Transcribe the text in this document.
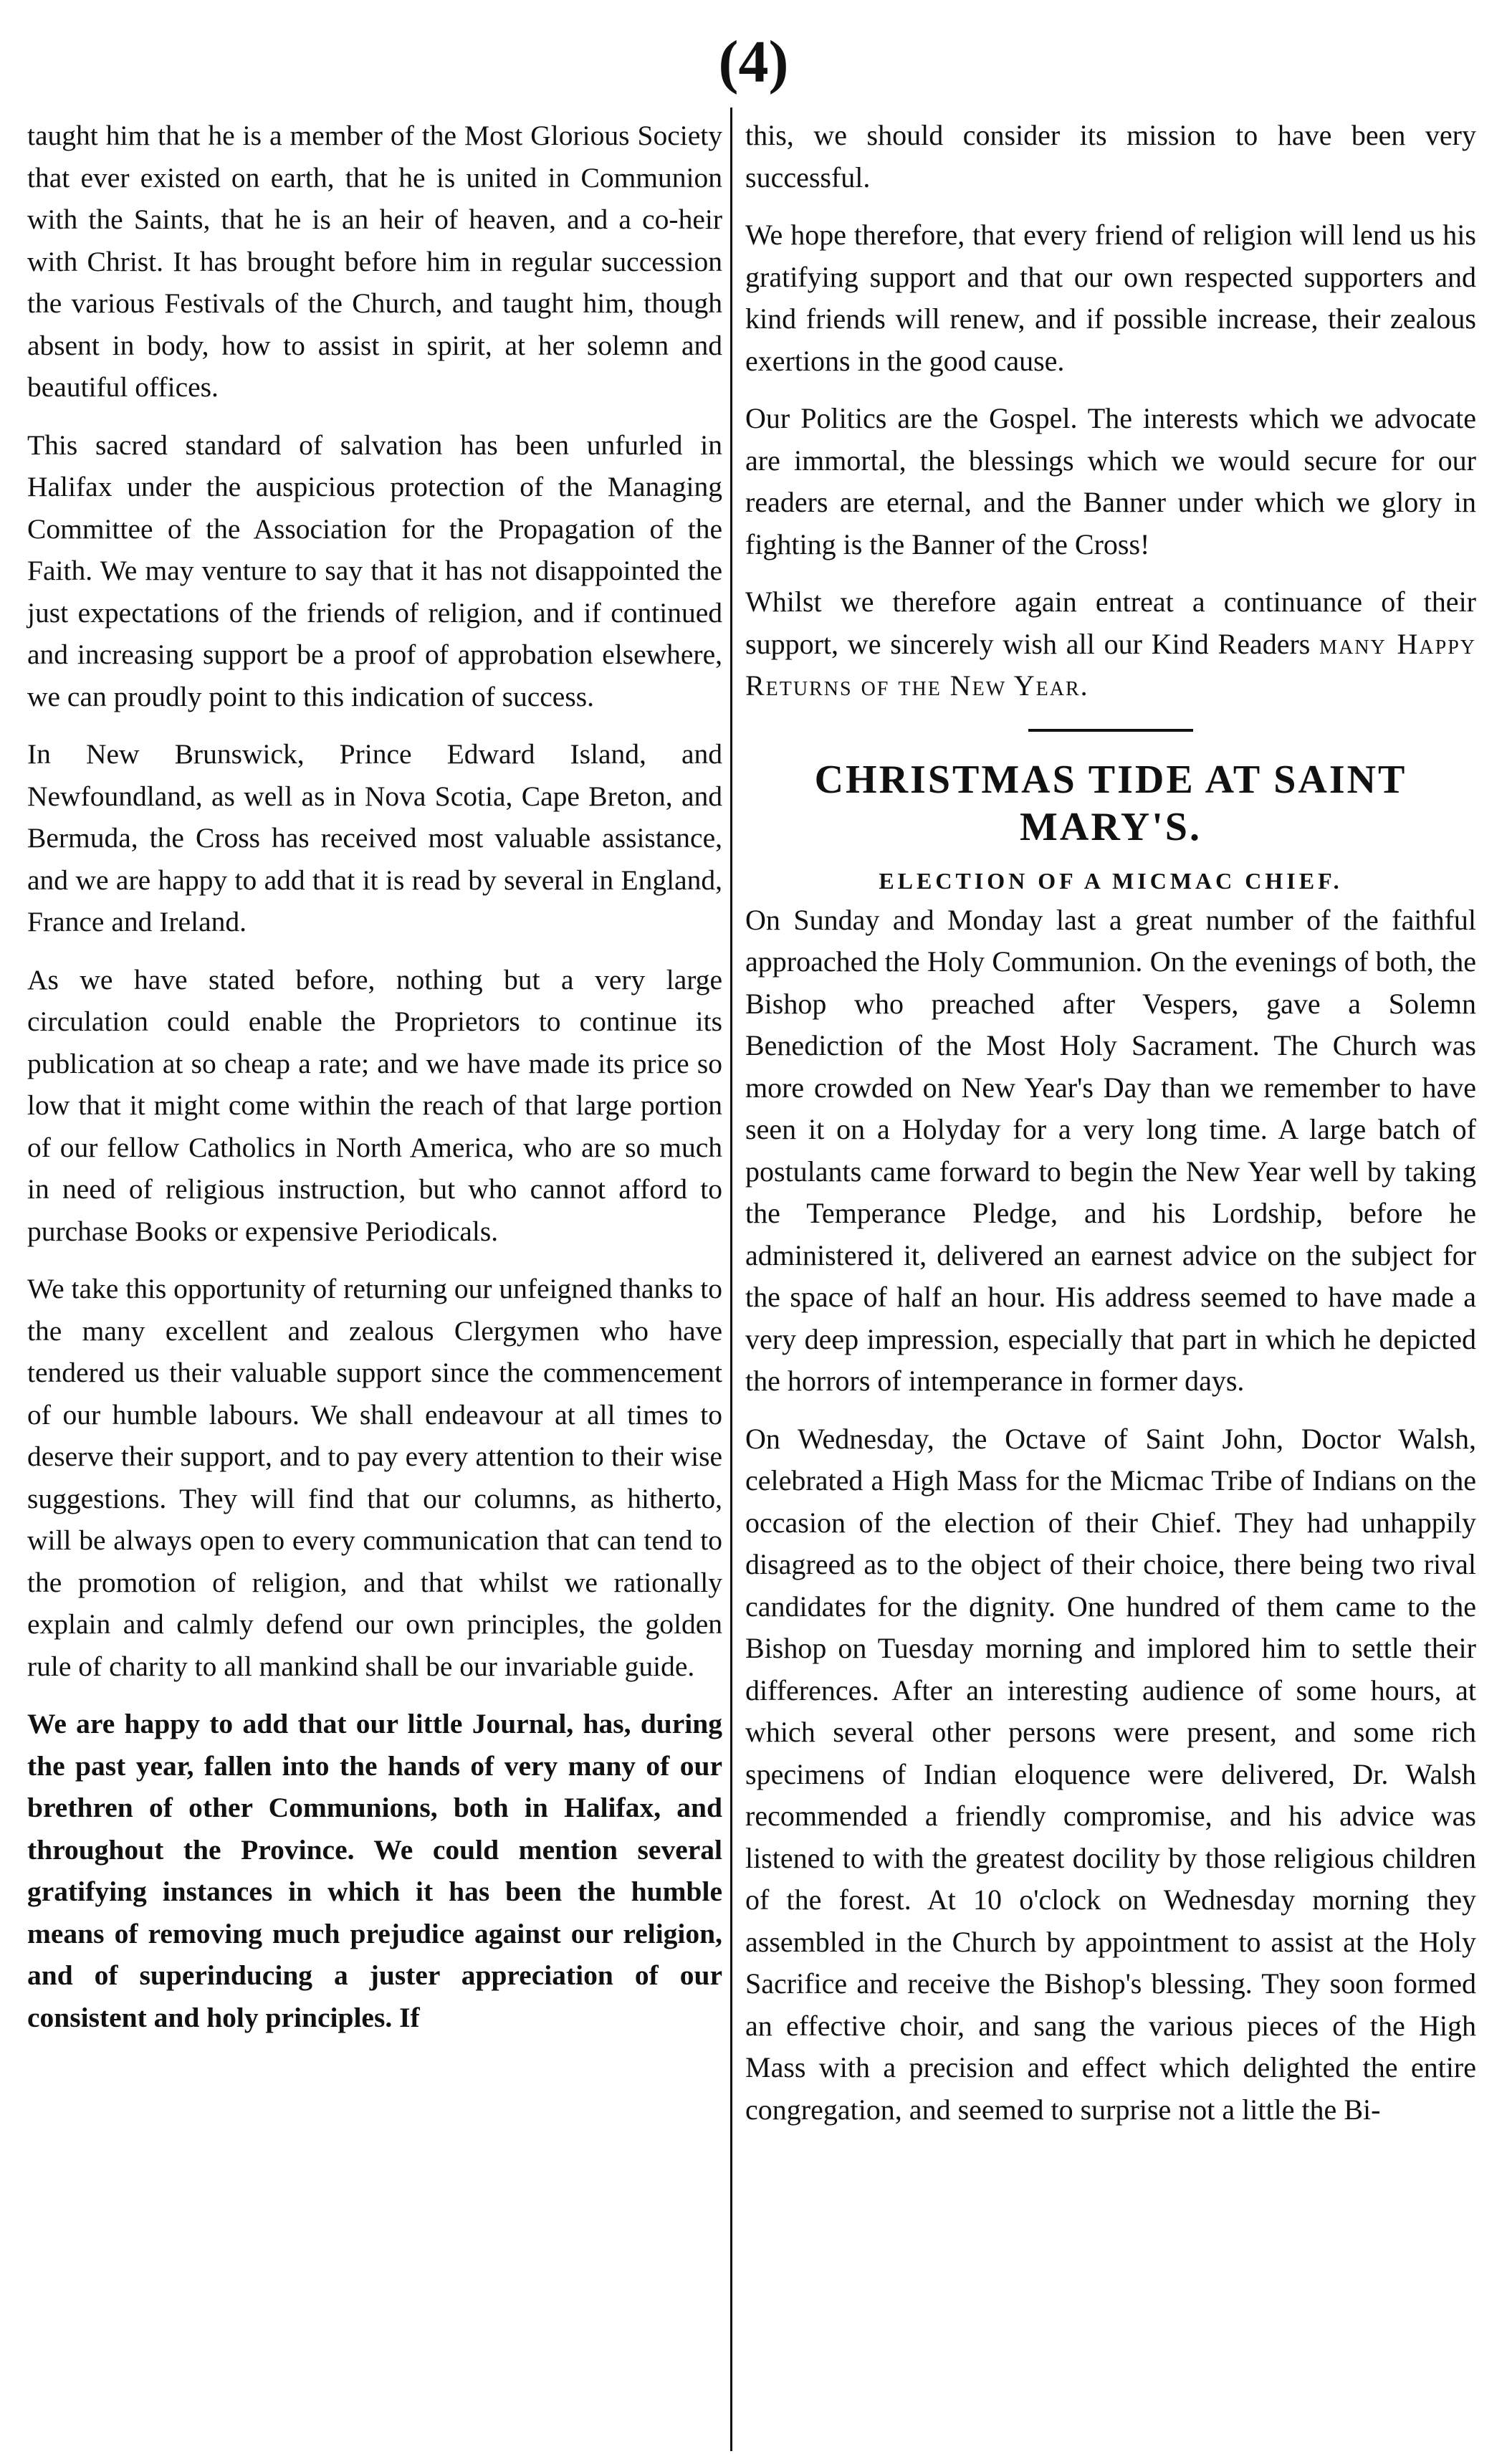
(4)

taught him that he is a member of the Most Glorious Society that ever existed on earth, that he is united in Communion with the Saints, that he is an heir of heaven, and a co-heir with Christ. It has brought before him in regular succession the various Festivals of the Church, and taught him, though absent in body, how to assist in spirit, at her solemn and beautiful offices.

This sacred standard of salvation has been unfurled in Halifax under the auspicious protection of the Managing Committee of the Association for the Propagation of the Faith. We may venture to say that it has not disappointed the just expectations of the friends of religion, and if continued and increasing support be a proof of approbation elsewhere, we can proudly point to this indication of success.

In New Brunswick, Prince Edward Island, and Newfoundland, as well as in Nova Scotia, Cape Breton, and Bermuda, the Cross has received most valuable assistance, and we are happy to add that it is read by several in England, France and Ireland.

As we have stated before, nothing but a very large circulation could enable the Proprietors to continue its publication at so cheap a rate; and we have made its price so low that it might come within the reach of that large portion of our fellow Catholics in North America, who are so much in need of religious instruction, but who cannot afford to purchase Books or expensive Periodicals.

We take this opportunity of returning our unfeigned thanks to the many excellent and zealous Clergymen who have tendered us their valuable support since the commencement of our humble labours. We shall endeavour at all times to deserve their support, and to pay every attention to their wise suggestions. They will find that our columns, as hitherto, will be always open to every communication that can tend to the promotion of religion, and that whilst we rationally explain and calmly defend our own principles, the golden rule of charity to all mankind shall be our invariable guide.

We are happy to add that our little Journal, has, during the past year, fallen into the hands of very many of our brethren of other Communions, both in Halifax, and throughout the Province. We could mention several gratifying instances in which it has been the humble means of removing much prejudice against our religion, and of superinducing a juster appreciation of our consistent and holy principles. If

this, we should consider its mission to have been very successful.

We hope therefore, that every friend of religion will lend us his gratifying support and that our own respected supporters and kind friends will renew, and if possible increase, their zealous exertions in the good cause.

Our Politics are the Gospel. The interests which we advocate are immortal, the blessings which we would secure for our readers are eternal, and the Banner under which we glory in fighting is the Banner of the Cross!

Whilst we therefore again entreat a continuance of their support, we sincerely wish all our Kind Readers many Happy Returns of the New Year.

CHRISTMAS TIDE AT SAINT MARY'S.
ELECTION OF A MICMAC CHIEF.

On Sunday and Monday last a great number of the faithful approached the Holy Communion. On the evenings of both, the Bishop who preached after Vespers, gave a Solemn Benediction of the Most Holy Sacrament. The Church was more crowded on New Year's Day than we remember to have seen it on a Holyday for a very long time. A large batch of postulants came forward to begin the New Year well by taking the Temperance Pledge, and his Lordship, before he administered it, delivered an earnest advice on the subject for the space of half an hour. His address seemed to have made a very deep impression, especially that part in which he depicted the horrors of intemperance in former days.

On Wednesday, the Octave of Saint John, Doctor Walsh, celebrated a High Mass for the Micmac Tribe of Indians on the occasion of the election of their Chief. They had unhappily disagreed as to the object of their choice, there being two rival candidates for the dignity. One hundred of them came to the Bishop on Tuesday morning and implored him to settle their differences. After an interesting audience of some hours, at which several other persons were present, and some rich specimens of Indian eloquence were delivered, Dr. Walsh recommended a friendly compromise, and his advice was listened to with the greatest docility by those religious children of the forest. At 10 o'clock on Wednesday morning they assembled in the Church by appointment to assist at the Holy Sacrifice and receive the Bishop's blessing. They soon formed an effective choir, and sang the various pieces of the High Mass with a precision and effect which delighted the entire congregation, and seemed to surprise not a little the Bi-
